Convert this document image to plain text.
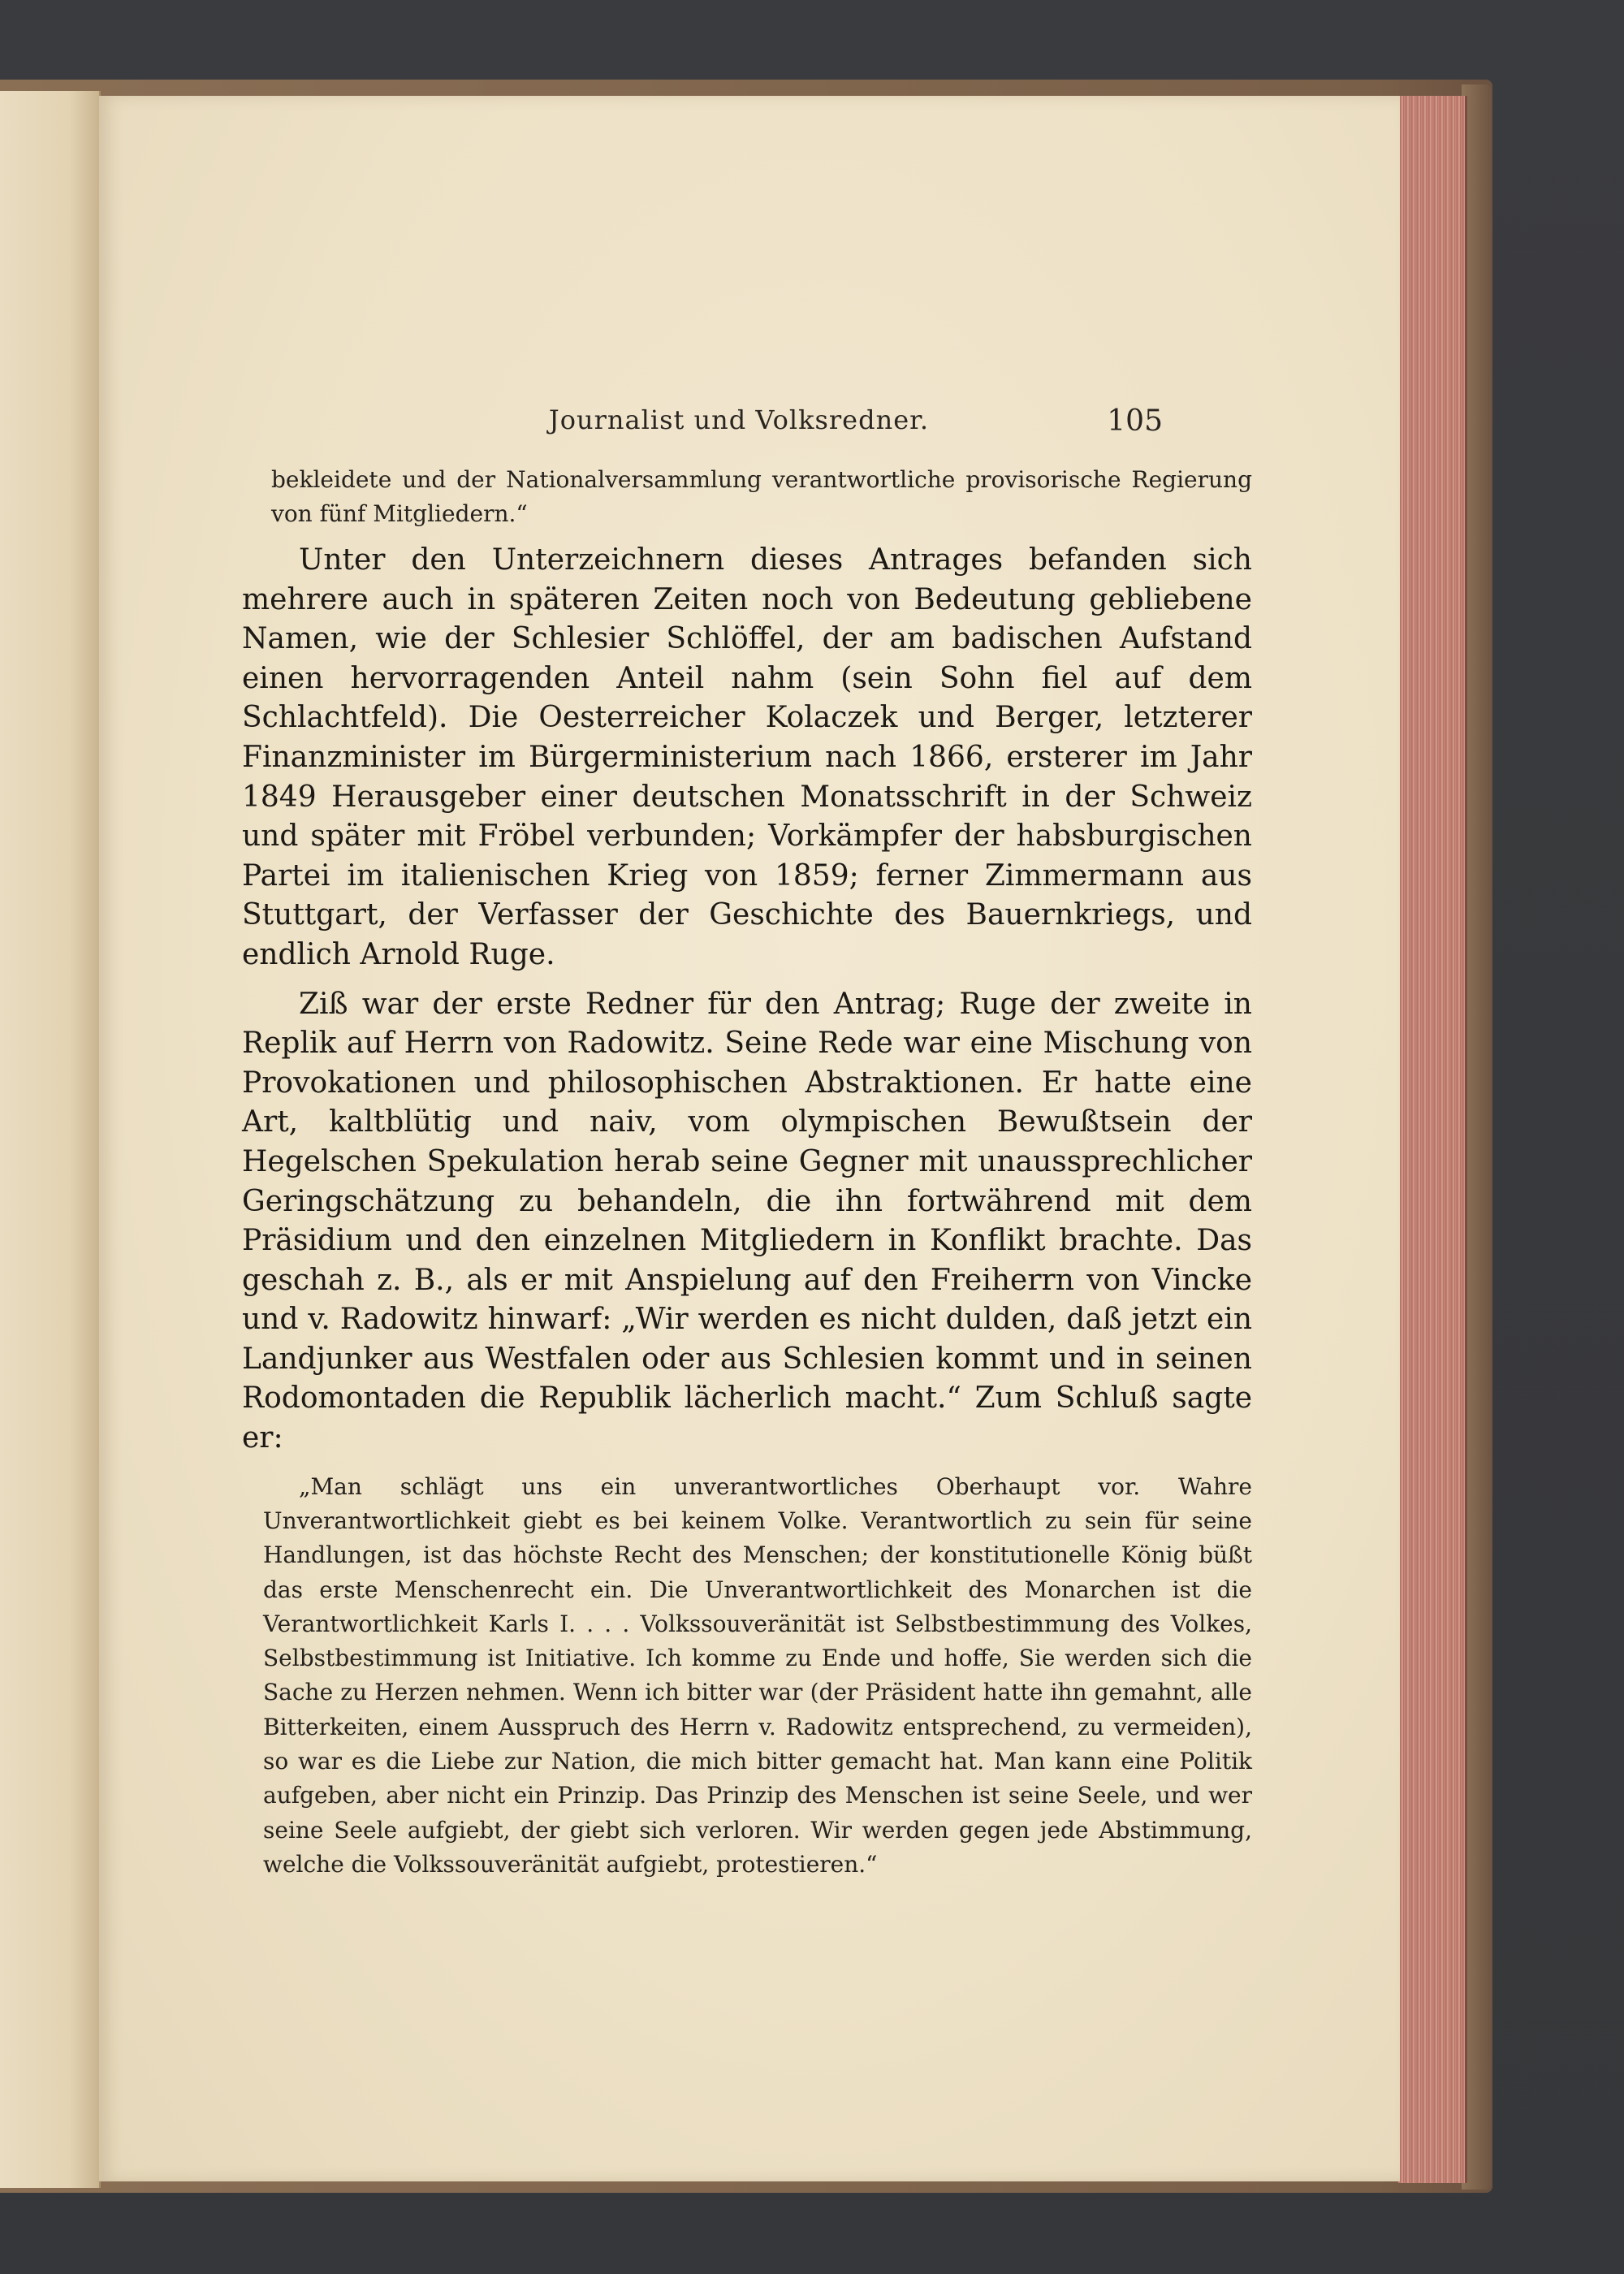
Journalist und Volksredner.	105

bekleidete und der Nationalversammlung verantwortliche provisorische Regierung von fünf Mitgliedern.“

Unter den Unterzeichnern dieses Antrages befanden sich mehrere auch in späteren Zeiten noch von Bedeutung gebliebene Namen, wie der Schlesier Schlöffel, der am badischen Aufstand einen hervorragenden Anteil nahm (sein Sohn fiel auf dem Schlachtfeld). Die Oesterreicher Kolaczek und Berger, letzterer Finanzminister im Bürgerministerium nach 1866, ersterer im Jahr 1849 Herausgeber einer deutschen Monatsschrift in der Schweiz und später mit Fröbel verbunden; Vorkämpfer der habsburgischen Partei im italienischen Krieg von 1859; ferner Zimmermann aus Stuttgart, der Verfasser der Geschichte des Bauernkriegs, und endlich Arnold Ruge.

Ziß war der erste Redner für den Antrag; Ruge der zweite in Replik auf Herrn von Radowitz. Seine Rede war eine Mischung von Provokationen und philosophischen Abstraktionen. Er hatte eine Art, kaltblütig und naiv, vom olympischen Bewußtsein der Hegelschen Spekulation herab seine Gegner mit unaussprechlicher Geringschätzung zu behandeln, die ihn fortwährend mit dem Präsidium und den einzelnen Mitgliedern in Konflikt brachte. Das geschah z. B., als er mit Anspielung auf den Freiherrn von Vincke und v. Radowitz hinwarf: „Wir werden es nicht dulden, daß jetzt ein Landjunker aus Westfalen oder aus Schlesien kommt und in seinen Rodomontaden die Republik lächerlich macht.“ Zum Schluß sagte er:

„Man schlägt uns ein unverantwortliches Oberhaupt vor. Wahre Unverantwortlichkeit giebt es bei keinem Volke. Verantwortlich zu sein für seine Handlungen, ist das höchste Recht des Menschen; der konstitutionelle König büßt das erste Menschenrecht ein. Die Unverantwortlichkeit des Monarchen ist die Verantwortlichkeit Karls I. . . . Volkssouveränität ist Selbstbestimmung des Volkes, Selbstbestimmung ist Initiative. Ich komme zu Ende und hoffe, Sie werden sich die Sache zu Herzen nehmen. Wenn ich bitter war (der Präsident hatte ihn gemahnt, alle Bitterkeiten, einem Ausspruch des Herrn v. Radowitz entsprechend, zu vermeiden), so war es die Liebe zur Nation, die mich bitter gemacht hat. Man kann eine Politik aufgeben, aber nicht ein Prinzip. Das Prinzip des Menschen ist seine Seele, und wer seine Seele aufgiebt, der giebt sich verloren. Wir werden gegen jede Abstimmung, welche die Volkssouveränität aufgiebt, protestieren.“
